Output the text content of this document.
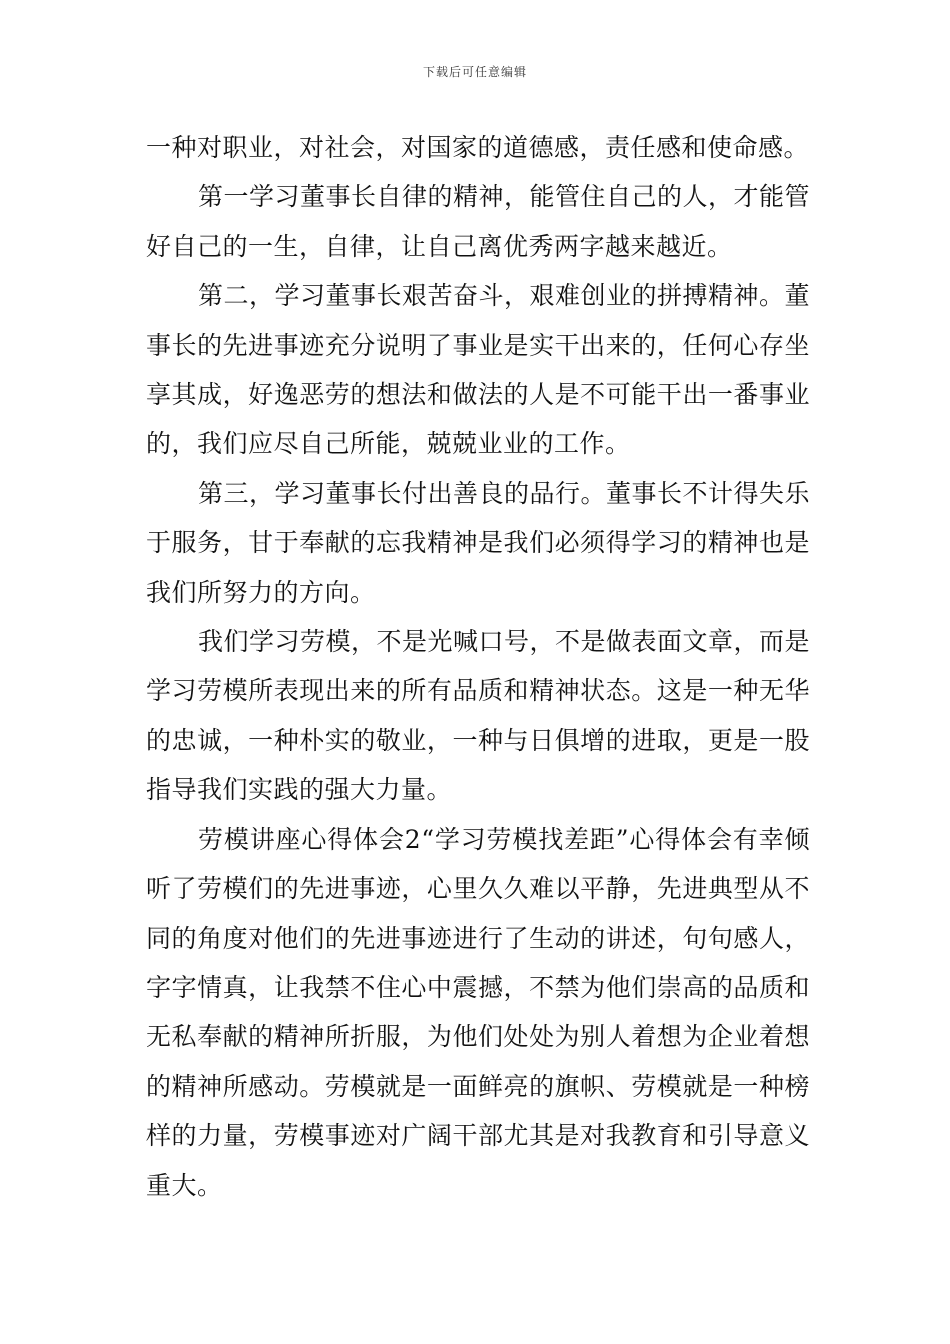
下载后可任意编辑

一种对职业，对社会，对国家的道德感，责任感和使命感。

第一学习董事长自律的精神，能管住自己的人，才能管好自己的一生，自律，让自己离优秀两字越来越近。

第二，学习董事长艰苦奋斗，艰难创业的拼搏精神。董事长的先进事迹充分说明了事业是实干出来的，任何心存坐享其成，好逸恶劳的想法和做法的人是不可能干出一番事业的，我们应尽自己所能，兢兢业业的工作。

第三，学习董事长付出善良的品行。董事长不计得失乐于服务，甘于奉献的忘我精神是我们必须得学习的精神也是我们所努力的方向。

我们学习劳模，不是光喊口号，不是做表面文章，而是学习劳模所表现出来的所有品质和精神状态。这是一种无华的忠诚，一种朴实的敬业，一种与日俱增的进取，更是一股指导我们实践的强大力量。

劳模讲座心得体会2“学习劳模找差距”心得体会有幸倾听了劳模们的先进事迹，心里久久难以平静，先进典型从不同的角度对他们的先进事迹进行了生动的讲述，句句感人，字字情真，让我禁不住心中震撼，不禁为他们崇高的品质和无私奉献的精神所折服，为他们处处为别人着想为企业着想的精神所感动。劳模就是一面鲜亮的旗帜、劳模就是一种榜样的力量，劳模事迹对广阔干部尤其是对我教育和引导意义重大。
